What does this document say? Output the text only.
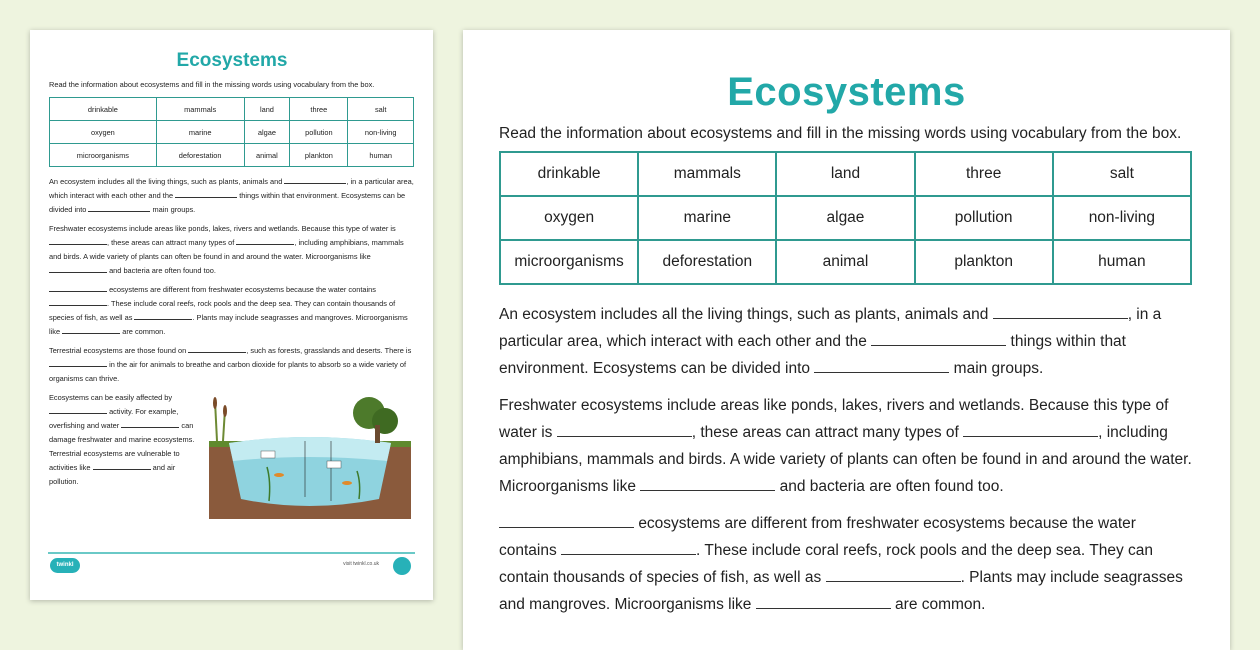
Ecosystems

Read the information about ecosystems and fill in the missing words using vocabulary from the box.

drinkable	mammals	land	three	salt
oxygen	marine	algae	pollution	non-living
microorganisms	deforestation	animal	plankton	human

An ecosystem includes all the living things, such as plants, animals and	, in a particular area, which interact with each other and the	things within that environment. Ecosystems can be divided into	main groups.

Freshwater ecosystems include areas like ponds, lakes, rivers and wetlands. Because this type of water is , these areas can attract many types of	, including amphibians, mammals and birds. A wide variety of plants can often be found in and around the water. Microorganisms like  and bacteria are often found too.

ecosystems are different from freshwater ecosystems because the water contains . These include coral reefs, rock pools and the deep sea. They can contain thousands of species of fish, as well as	. Plants may include seagrasses and mangroves. Microorganisms like	are common.

Terrestrial ecosystems are those found on	, such as forests, grasslands and deserts. There is  in the air for animals to breathe and carbon dioxide for plants to absorb so a wide variety of organisms can thrive.

Ecosystems can be easily affected by  activity. For example, overfishing and water	can damage freshwater and marine ecosystems. Terrestrial ecosystems are vulnerable to activities like	and air pollution.

twinkl	visit twinkl.co.uk
Ecosystems

Read the information about ecosystems and fill in the missing words using vocabulary from the box.

drinkable	mammals	land	three	salt
oxygen	marine	algae	pollution	non-living
microorganisms	deforestation	animal	plankton	human

An ecosystem includes all the living things, such as plants, animals and	, in a particular area, which interact with each other and the	things within that environment. Ecosystems can be divided into	main groups.

Freshwater ecosystems include areas like ponds, lakes, rivers and wetlands. Because this type of water is	, these areas can attract many types of	, including amphibians, mammals and birds. A wide variety of plants can often be found in and around the water. Microorganisms like	and bacteria are often found too.

ecosystems are different from freshwater ecosystems because the water contains	. These include coral reefs, rock pools and the deep sea. They can contain thousands of species of fish, as well as	. Plants may include seagrasses and mangroves. Microorganisms like	are common.
